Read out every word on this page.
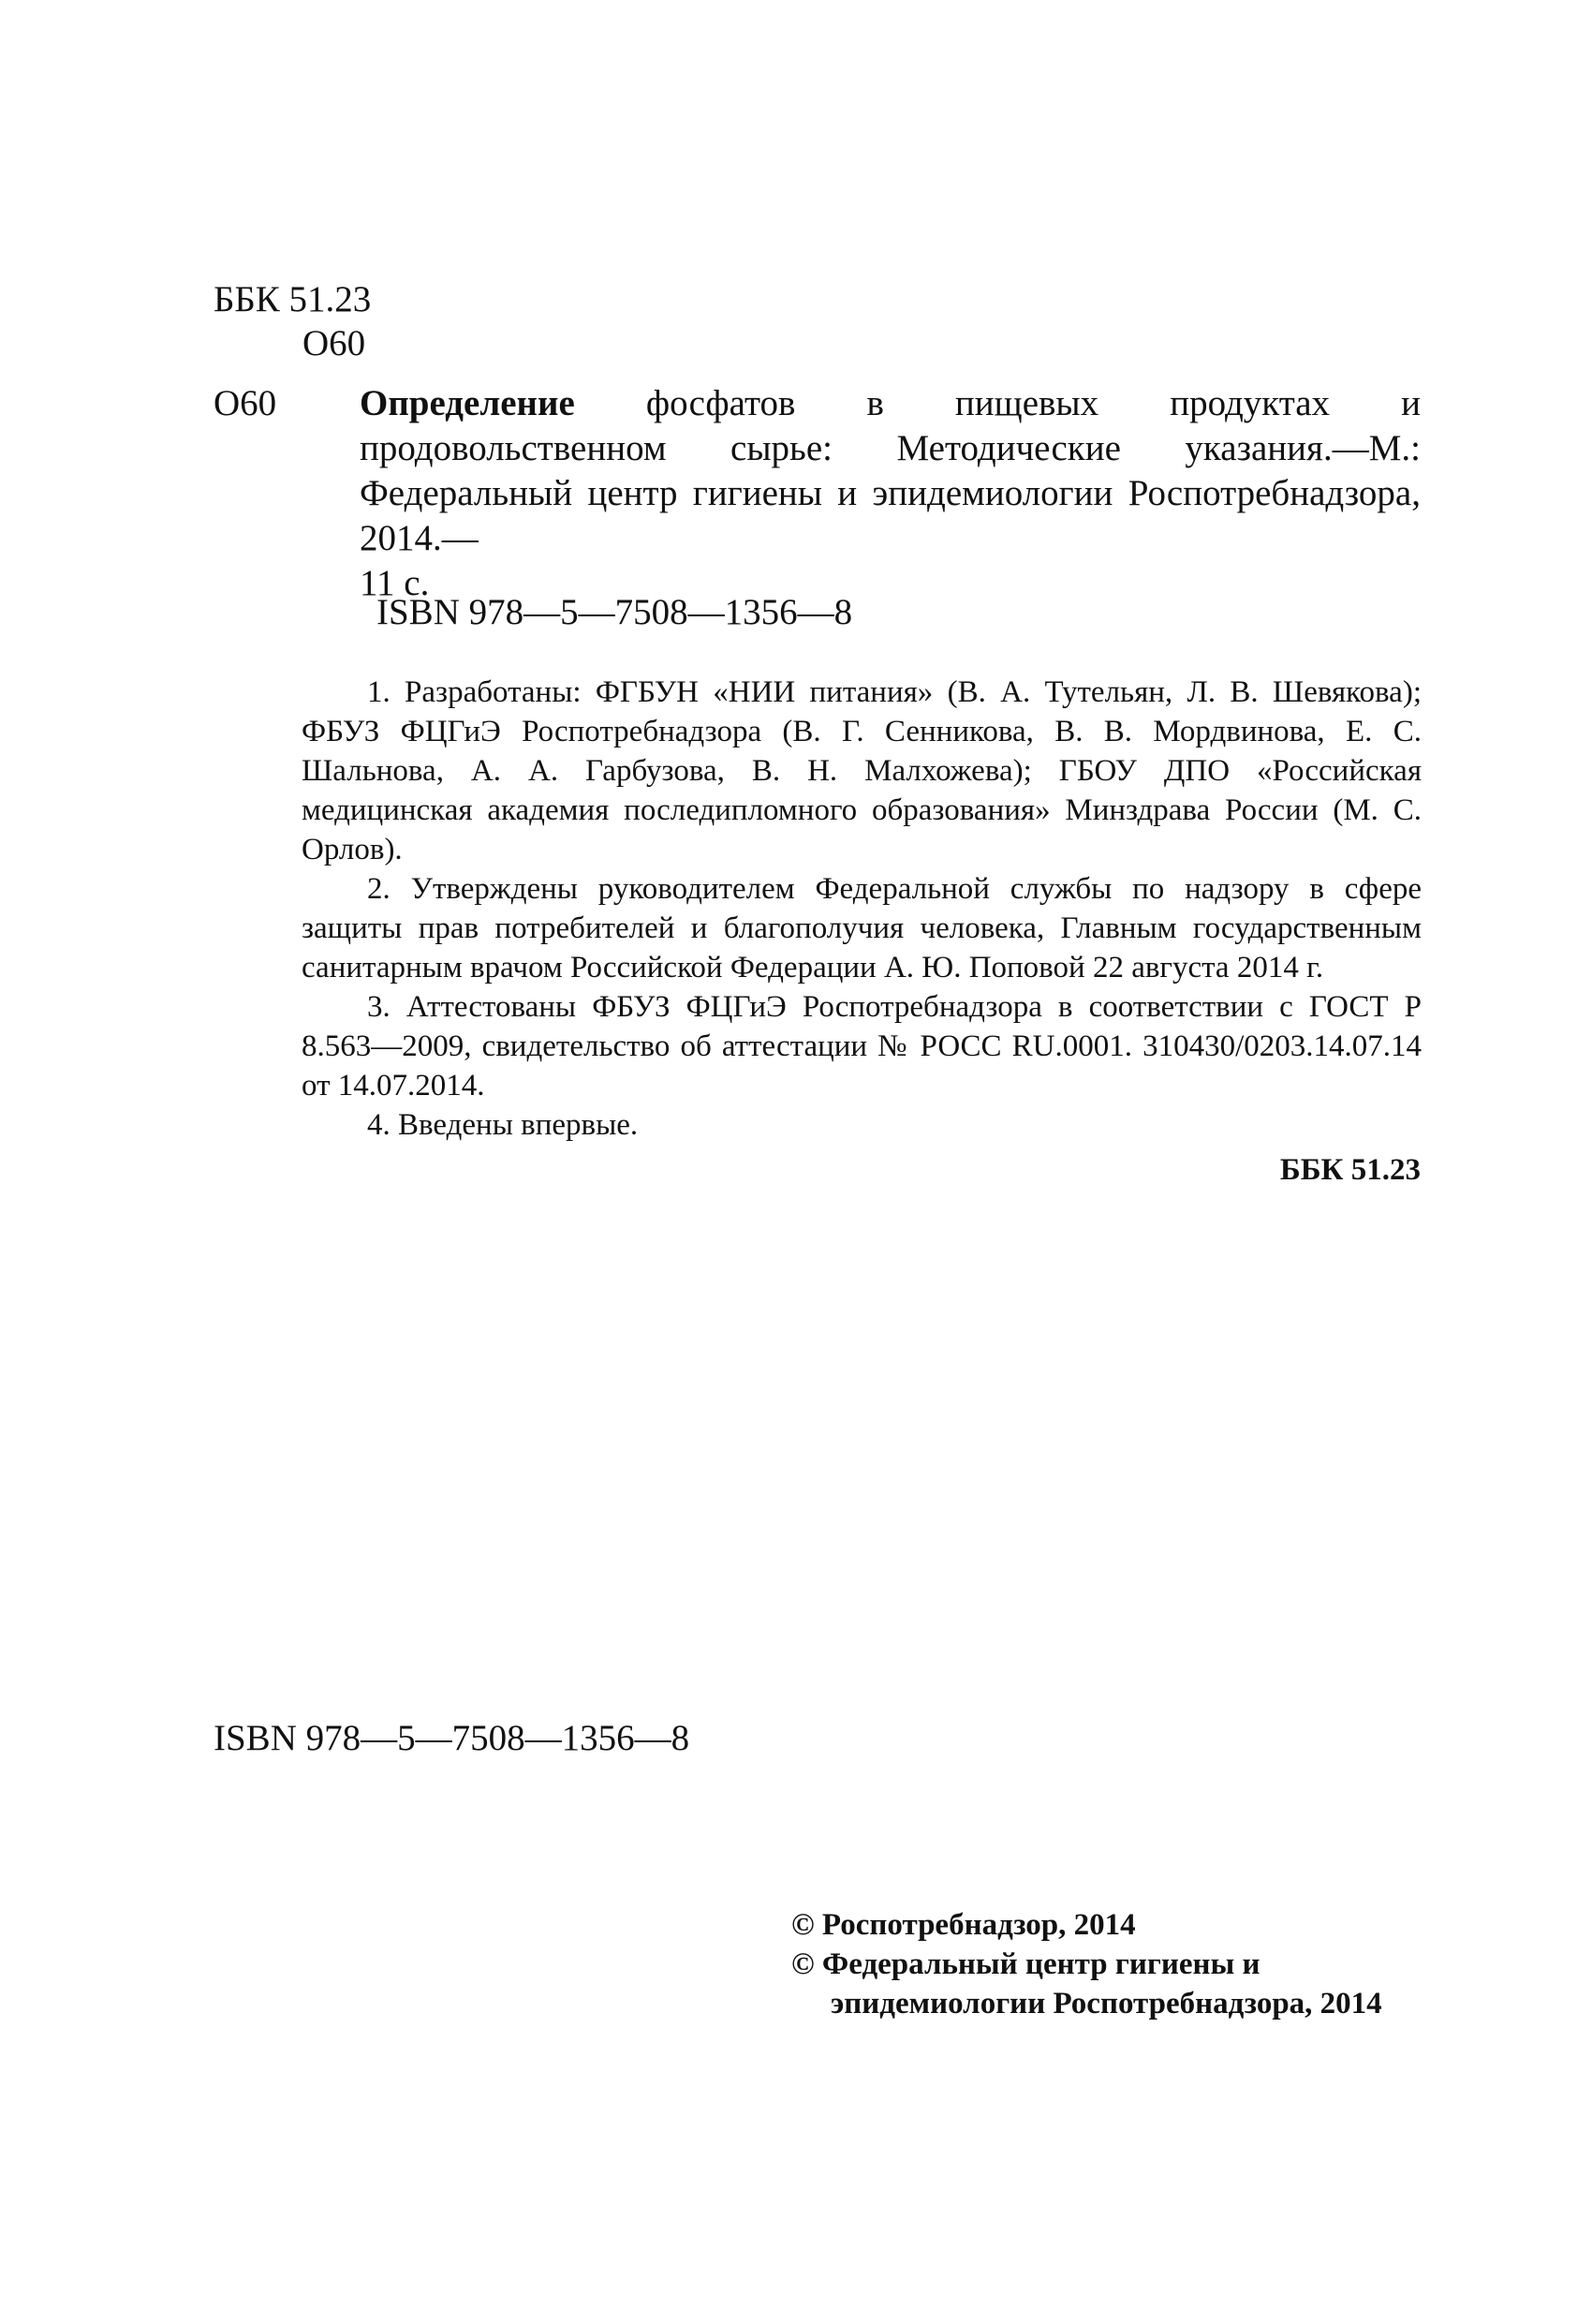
ББК 51.23
О60
О60 Определение фосфатов в пищевых продуктах и продовольственном сырье: Методические указания.—М.: Федеральный центр гигиены и эпидемиологии Роспотребнадзора, 2014.—
11 с.
ISBN 978—5—7508—1356—8

1. Разработаны: ФГБУН «НИИ питания» (В. А. Тутельян, Л. В. Шевякова); ФБУЗ ФЦГиЭ Роспотребнадзора (В. Г. Сенникова, В. В. Мордвинова, Е. С. Шальнова, А. А. Гарбузова, В. Н. Малхожева); ГБОУ ДПО «Российская медицинская академия последипломного образования» Минздрава России (М. С. Орлов).

2. Утверждены руководителем Федеральной службы по надзору в сфере защиты прав потребителей и благополучия человека, Главным государственным санитарным врачом Российской Федерации А. Ю. Поповой 22 августа 2014 г.

3. Аттестованы ФБУЗ ФЦГиЭ Роспотребнадзора в соответствии с ГОСТ Р 8.563—2009, свидетельство об аттестации № РОСС RU.0001. 310430/0203.14.07.14 от 14.07.2014.

4. Введены впервые.

ББК 51.23
ISBN 978—5—7508—1356—8
© Роспотребнадзор, 2014
© Федеральный центр гигиены и
эпидемиологии Роспотребнадзора, 2014
